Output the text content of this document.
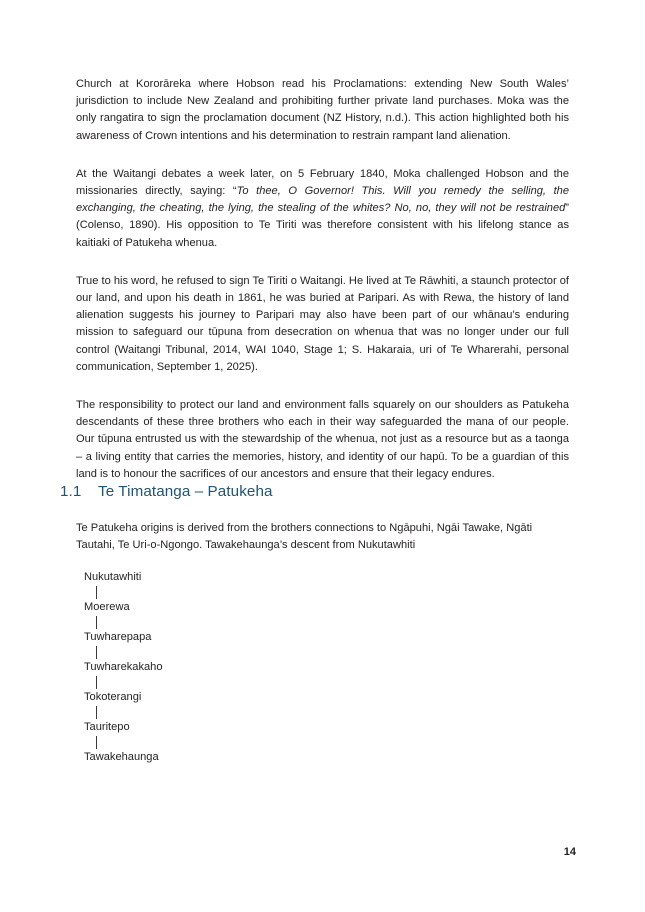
Church at Kororāreka where Hobson read his Proclamations: extending New South Wales’ jurisdiction to include New Zealand and prohibiting further private land purchases. Moka was the only rangatira to sign the proclamation document (NZ History, n.d.). This action highlighted both his awareness of Crown intentions and his determination to restrain rampant land alienation.

At the Waitangi debates a week later, on 5 February 1840, Moka challenged Hobson and the missionaries directly, saying: “To thee, O Governor! This. Will you remedy the selling, the exchanging, the cheating, the lying, the stealing of the whites? No, no, they will not be restrained” (Colenso, 1890). His opposition to Te Tiriti was therefore consistent with his lifelong stance as kaitiaki of Patukeha whenua.

True to his word, he refused to sign Te Tiriti o Waitangi. He lived at Te Rāwhiti, a staunch protector of our land, and upon his death in 1861, he was buried at Paripari. As with Rewa, the history of land alienation suggests his journey to Paripari may also have been part of our whānau’s enduring mission to safeguard our tūpuna from desecration on whenua that was no longer under our full control (Waitangi Tribunal, 2014, WAI 1040, Stage 1; S. Hakaraia, uri of Te Wharerahi, personal communication, September 1, 2025).

The responsibility to protect our land and environment falls squarely on our shoulders as Patukeha descendants of these three brothers who each in their way safeguarded the mana of our people. Our tūpuna entrusted us with the stewardship of the whenua, not just as a resource but as a taonga – a living entity that carries the memories, history, and identity of our hapū. To be a guardian of this land is to honour the sacrifices of our ancestors and ensure that their legacy endures.

1.1 Te Timatanga – Patukeha

Te Patukeha origins is derived from the brothers connections to Ngāpuhi, Ngāi Tawake, Ngāti Tautahi, Te Uri-o-Ngongo. Tawakehaunga’s descent from Nukutawhiti

Nukutawhiti
Moerewa
Tuwharepapa
Tuwharekakaho
Tokoterangi
Tauritepo
Tawakehaunga
14
